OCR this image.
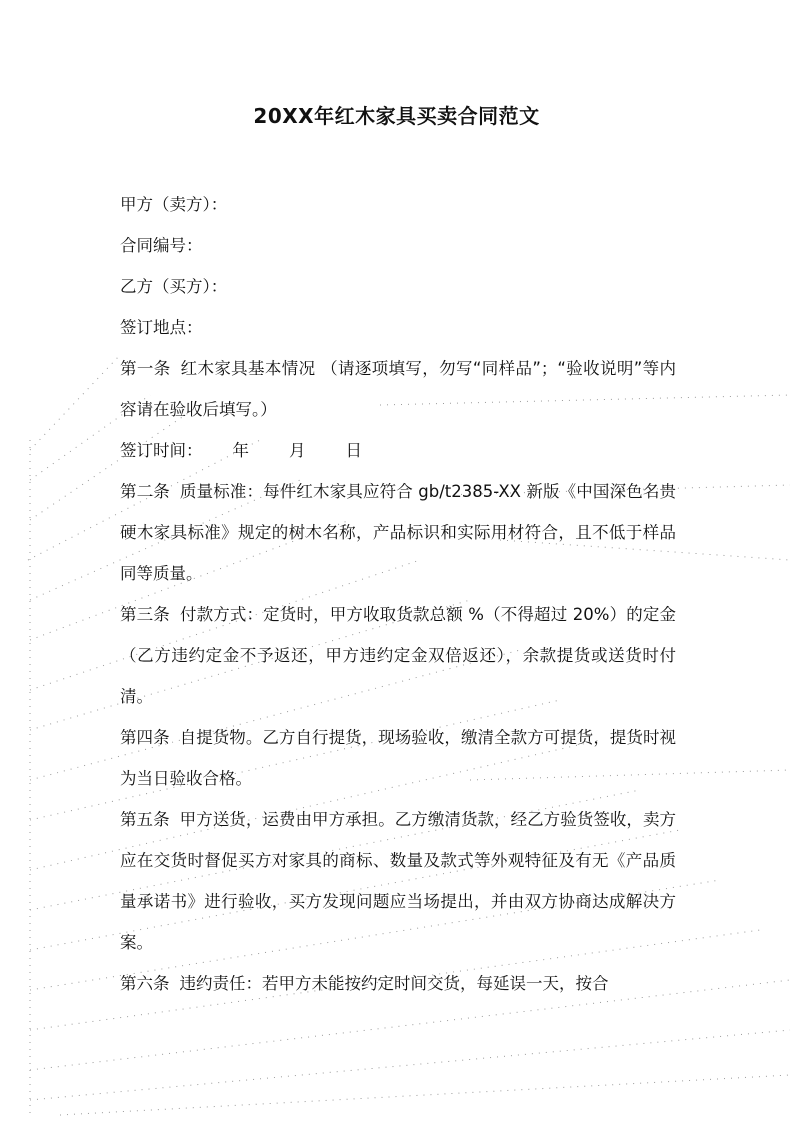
20XX年红木家具买卖合同范文

甲方（卖方）：

合同编号：

乙方（买方）：

签订地点：

第一条 红木家具基本情况 （请逐项填写，勿写“同样品”；“验收说明”等内容请在验收后填写。）

签订时间： 年 月 日

第二条 质量标准：每件红木家具应符合 gb/t2385-XX 新版《中国深色名贵硬木家具标准》规定的树木名称，产品标识和实际用材符合，且不低于样品同等质量。

第三条 付款方式：定货时，甲方收取货款总额 %（不得超过 20%）的定金（乙方违约定金不予返还，甲方违约定金双倍返还），余款提货或送货时付清。

第四条 自提货物。乙方自行提货，现场验收，缴清全款方可提货，提货时视为当日验收合格。

第五条 甲方送货，运费由甲方承担。乙方缴清货款，经乙方验货签收，卖方应在交货时督促买方对家具的商标、数量及款式等外观特征及有无《产品质量承诺书》进行验收，买方发现问题应当场提出，并由双方协商达成解决方案。

第六条 违约责任：若甲方未能按约定时间交货，每延误一天，按合
